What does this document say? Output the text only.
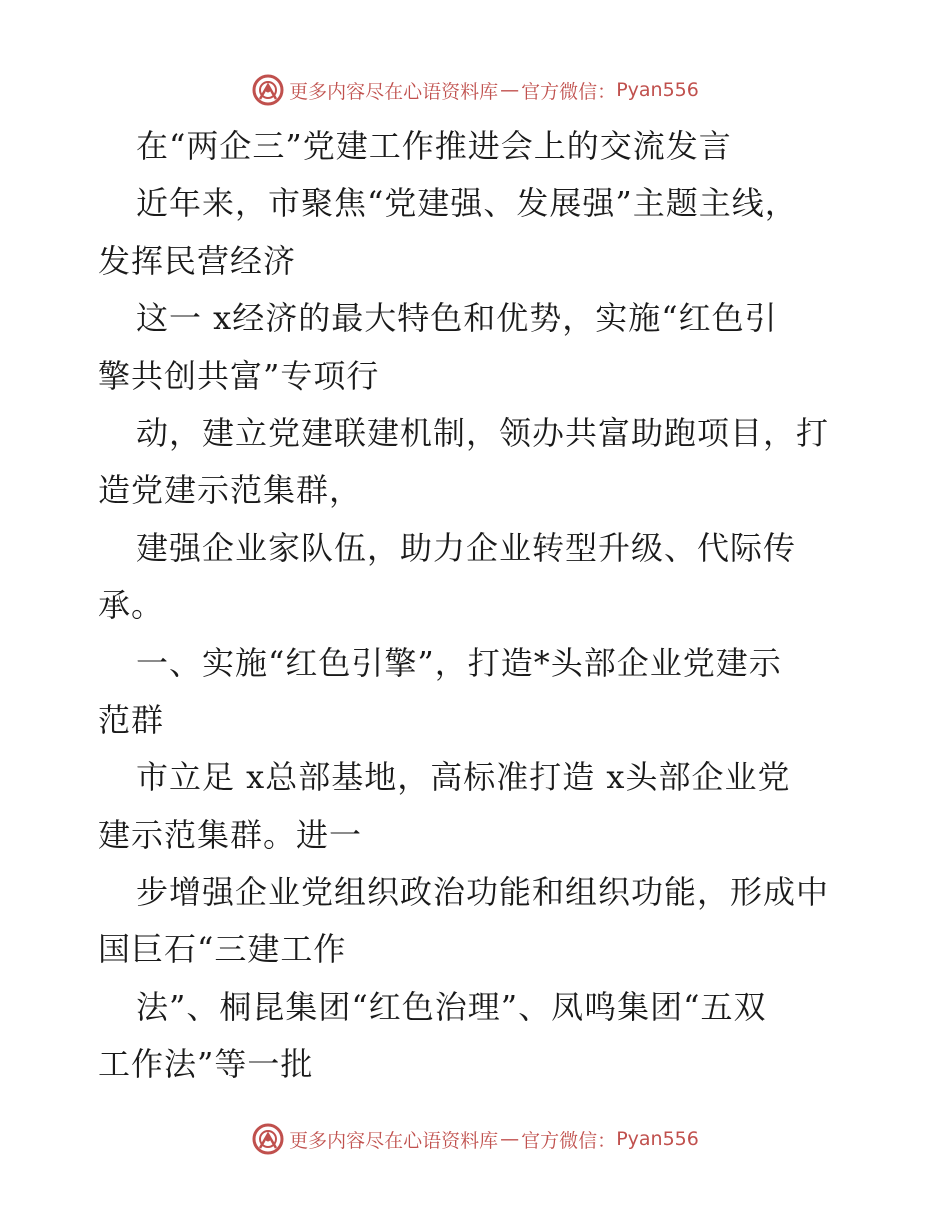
更多内容尽在心语资料库 — 官方微信： Pyan556
在“两企三”党建工作推进会上的交流发言
近年来，市聚焦“党建强、发展强”主题主线，
发挥民营经济
这一 x经济的最大特色和优势，实施“红色引
擎共创共富”专项行
动，建立党建联建机制，领办共富助跑项目，打
造党建示范集群，
建强企业家队伍，助力企业转型升级、代际传
承。
一、实施“红色引擎”，打造*头部企业党建示
范群
市立足 x总部基地，高标准打造 x头部企业党
建示范集群。进一
步增强企业党组织政治功能和组织功能，形成中
国巨石“三建工作
法”、桐昆集团“红色治理”、凤鸣集团“五双
工作法”等一批
更多内容尽在心语资料库 — 官方微信： Pyan556
